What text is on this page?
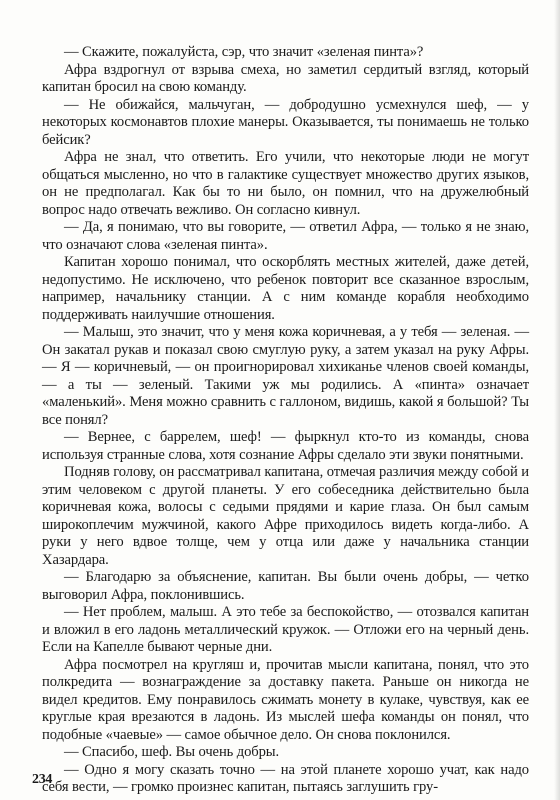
— Скажите, пожалуйста, сэр, что значит «зеленая пинта»?

Афра вздрогнул от взрыва смеха, но заметил сердитый взгляд, который капитан бросил на свою команду.

— Не обижайся, мальчуган, — добродушно усмехнулся шеф, — у некоторых космонавтов плохие манеры. Оказывается, ты понимаешь не только бейсик?

Афра не знал, что ответить. Его учили, что некоторые люди не могут общаться мысленно, но что в галактике существует множество других языков, он не предполагал. Как бы то ни было, он помнил, что на дружелюбный вопрос надо отвечать вежливо. Он согласно кивнул.

— Да, я понимаю, что вы говорите, — ответил Афра, — только я не знаю, что означают слова «зеленая пинта».

Капитан хорошо понимал, что оскорблять местных жителей, даже детей, недопустимо. Не исключено, что ребенок повторит все сказанное взрослым, например, начальнику станции. А с ним команде корабля необходимо поддерживать наилучшие отношения.

— Малыш, это значит, что у меня кожа коричневая, а у тебя — зеленая. — Он закатал рукав и показал свою смуглую руку, а затем указал на руку Афры. — Я — коричневый, — он проигнорировал хихиканье членов своей команды, — а ты — зеленый. Такими уж мы родились. А «пинта» означает «маленький». Меня можно сравнить с галлоном, видишь, какой я большой? Ты все понял?

— Вернее, с баррелем, шеф! — фыркнул кто-то из команды, снова используя странные слова, хотя сознание Афры сделало эти звуки понятными.

Подняв голову, он рассматривал капитана, отмечая различия между собой и этим человеком с другой планеты. У его собеседника действительно была коричневая кожа, волосы с седыми прядями и карие глаза. Он был самым широкоплечим мужчиной, какого Афре приходилось видеть когда-либо. А руки у него вдвое толще, чем у отца или даже у начальника станции Хазардара.

— Благодарю за объяснение, капитан. Вы были очень добры, — четко выговорил Афра, поклонившись.

— Нет проблем, малыш. А это тебе за беспокойство, — отозвался капитан и вложил в его ладонь металлический кружок. — Отложи его на черный день. Если на Капелле бывают черные дни.

Афра посмотрел на кругляш и, прочитав мысли капитана, понял, что это полкредита — вознаграждение за доставку пакета. Раньше он никогда не видел кредитов. Ему понравилось сжимать монету в кулаке, чувствуя, как ее круглые края врезаются в ладонь. Из мыслей шефа команды он понял, что подобные «чаевые» — самое обычное дело. Он снова поклонился.

— Спасибо, шеф. Вы очень добры.

— Одно я могу сказать точно — на этой планете хорошо учат, как надо себя вести, — громко произнес капитан, пытаясь заглушить гру-

234
